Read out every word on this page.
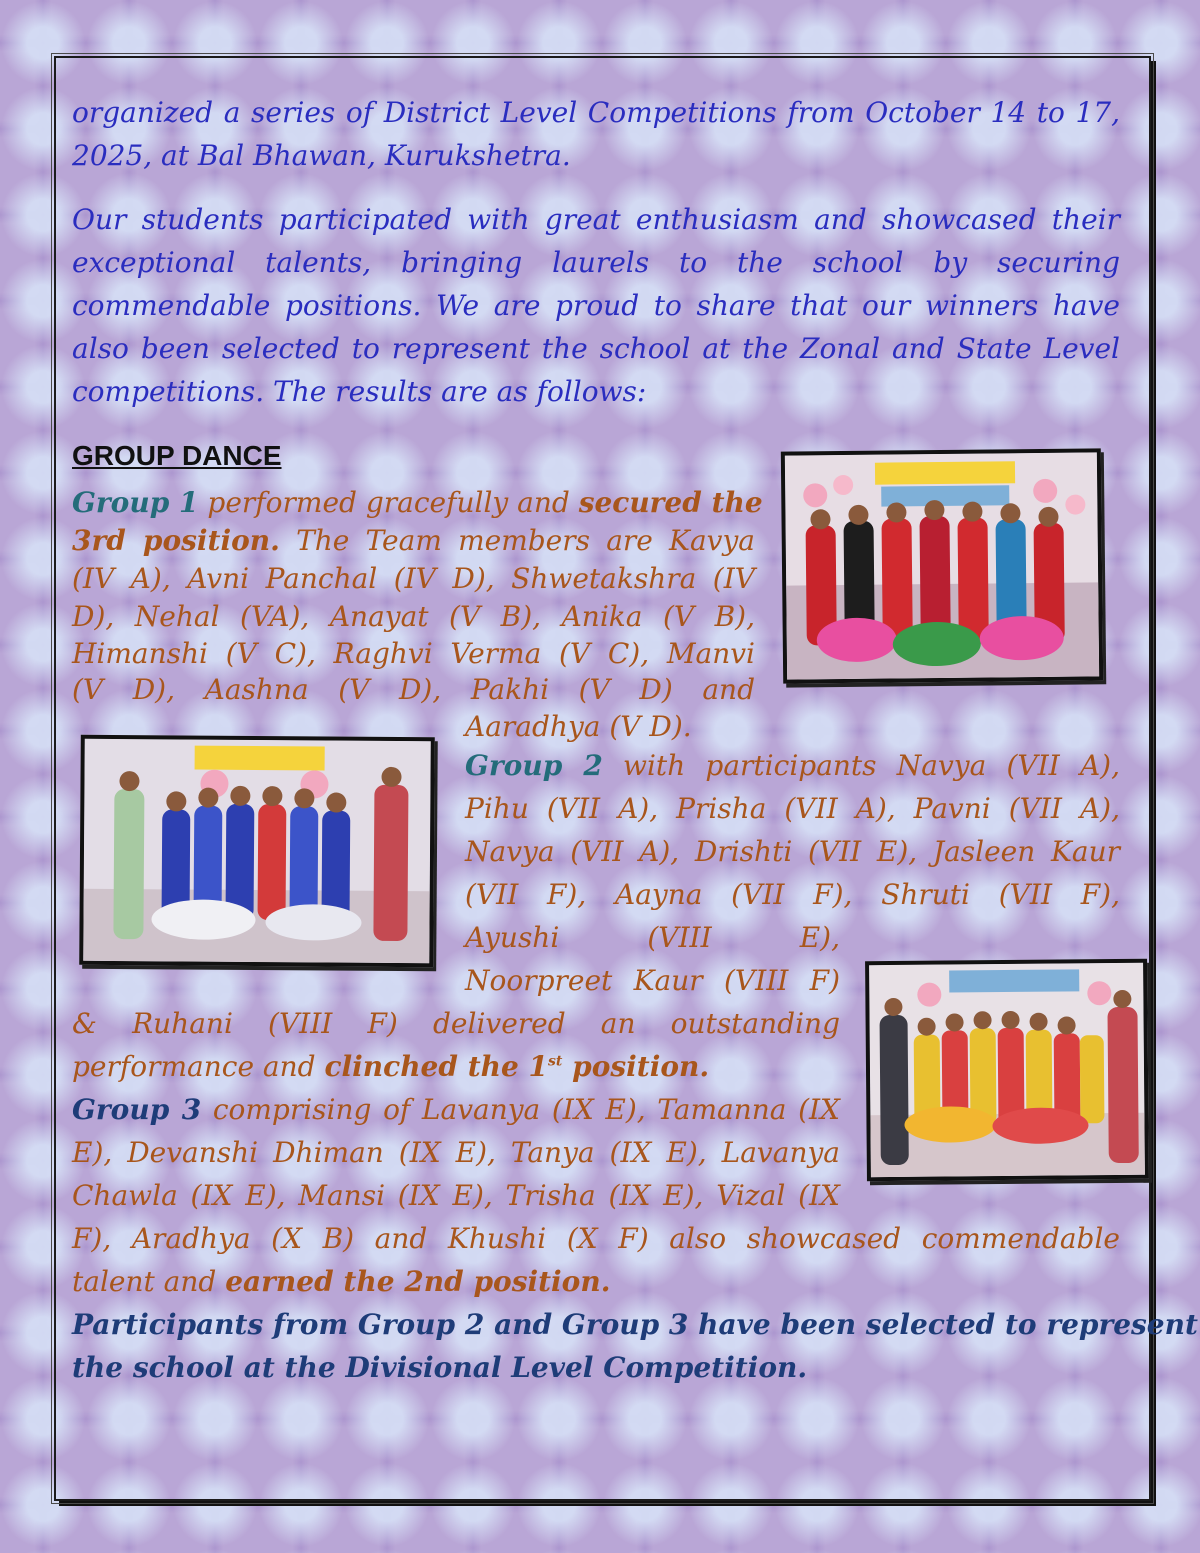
organized a series of District Level Competitions from October 14 to 17,

2025, at Bal Bhawan, Kurukshetra.

Our students participated with great enthusiasm and showcased their

exceptional talents, bringing laurels to the school by securing

commendable positions. We are proud to share that our winners have

also been selected to represent the school at the Zonal and State Level

competitions. The results are as follows:

GROUP DANCE

Group 1 performed gracefully and secured the

3rd position. The Team members are Kavya

(IV A), Avni Panchal (IV D), Shwetakshra (IV

D), Nehal (VA), Anayat (V B), Anika (V B),

Himanshi (V C), Raghvi Verma (V C), Manvi

(V D), Aashna (V D), Pakhi (V D) and

Aaradhya (V D).

Group 2 with participants Navya (VII A),

Pihu (VII A), Prisha (VII A), Pavni (VII A),

Navya (VII A), Drishti (VII E), Jasleen Kaur

(VII F), Aayna (VII F), Shruti (VII F),

Ayushi (VIII E),

Noorpreet Kaur (VIII F)

& Ruhani (VIII F) delivered an outstanding

performance and clinched the 1st position.

Group 3 comprising of Lavanya (IX E), Tamanna (IX

E), Devanshi Dhiman (IX E), Tanya (IX E), Lavanya

Chawla (IX E), Mansi (IX E), Trisha (IX E), Vizal (IX

F), Aradhya (X B) and Khushi (X F) also showcased commendable

talent and earned the 2nd position.

Participants from Group 2 and Group 3 have been selected to represent

the school at the Divisional Level Competition.
